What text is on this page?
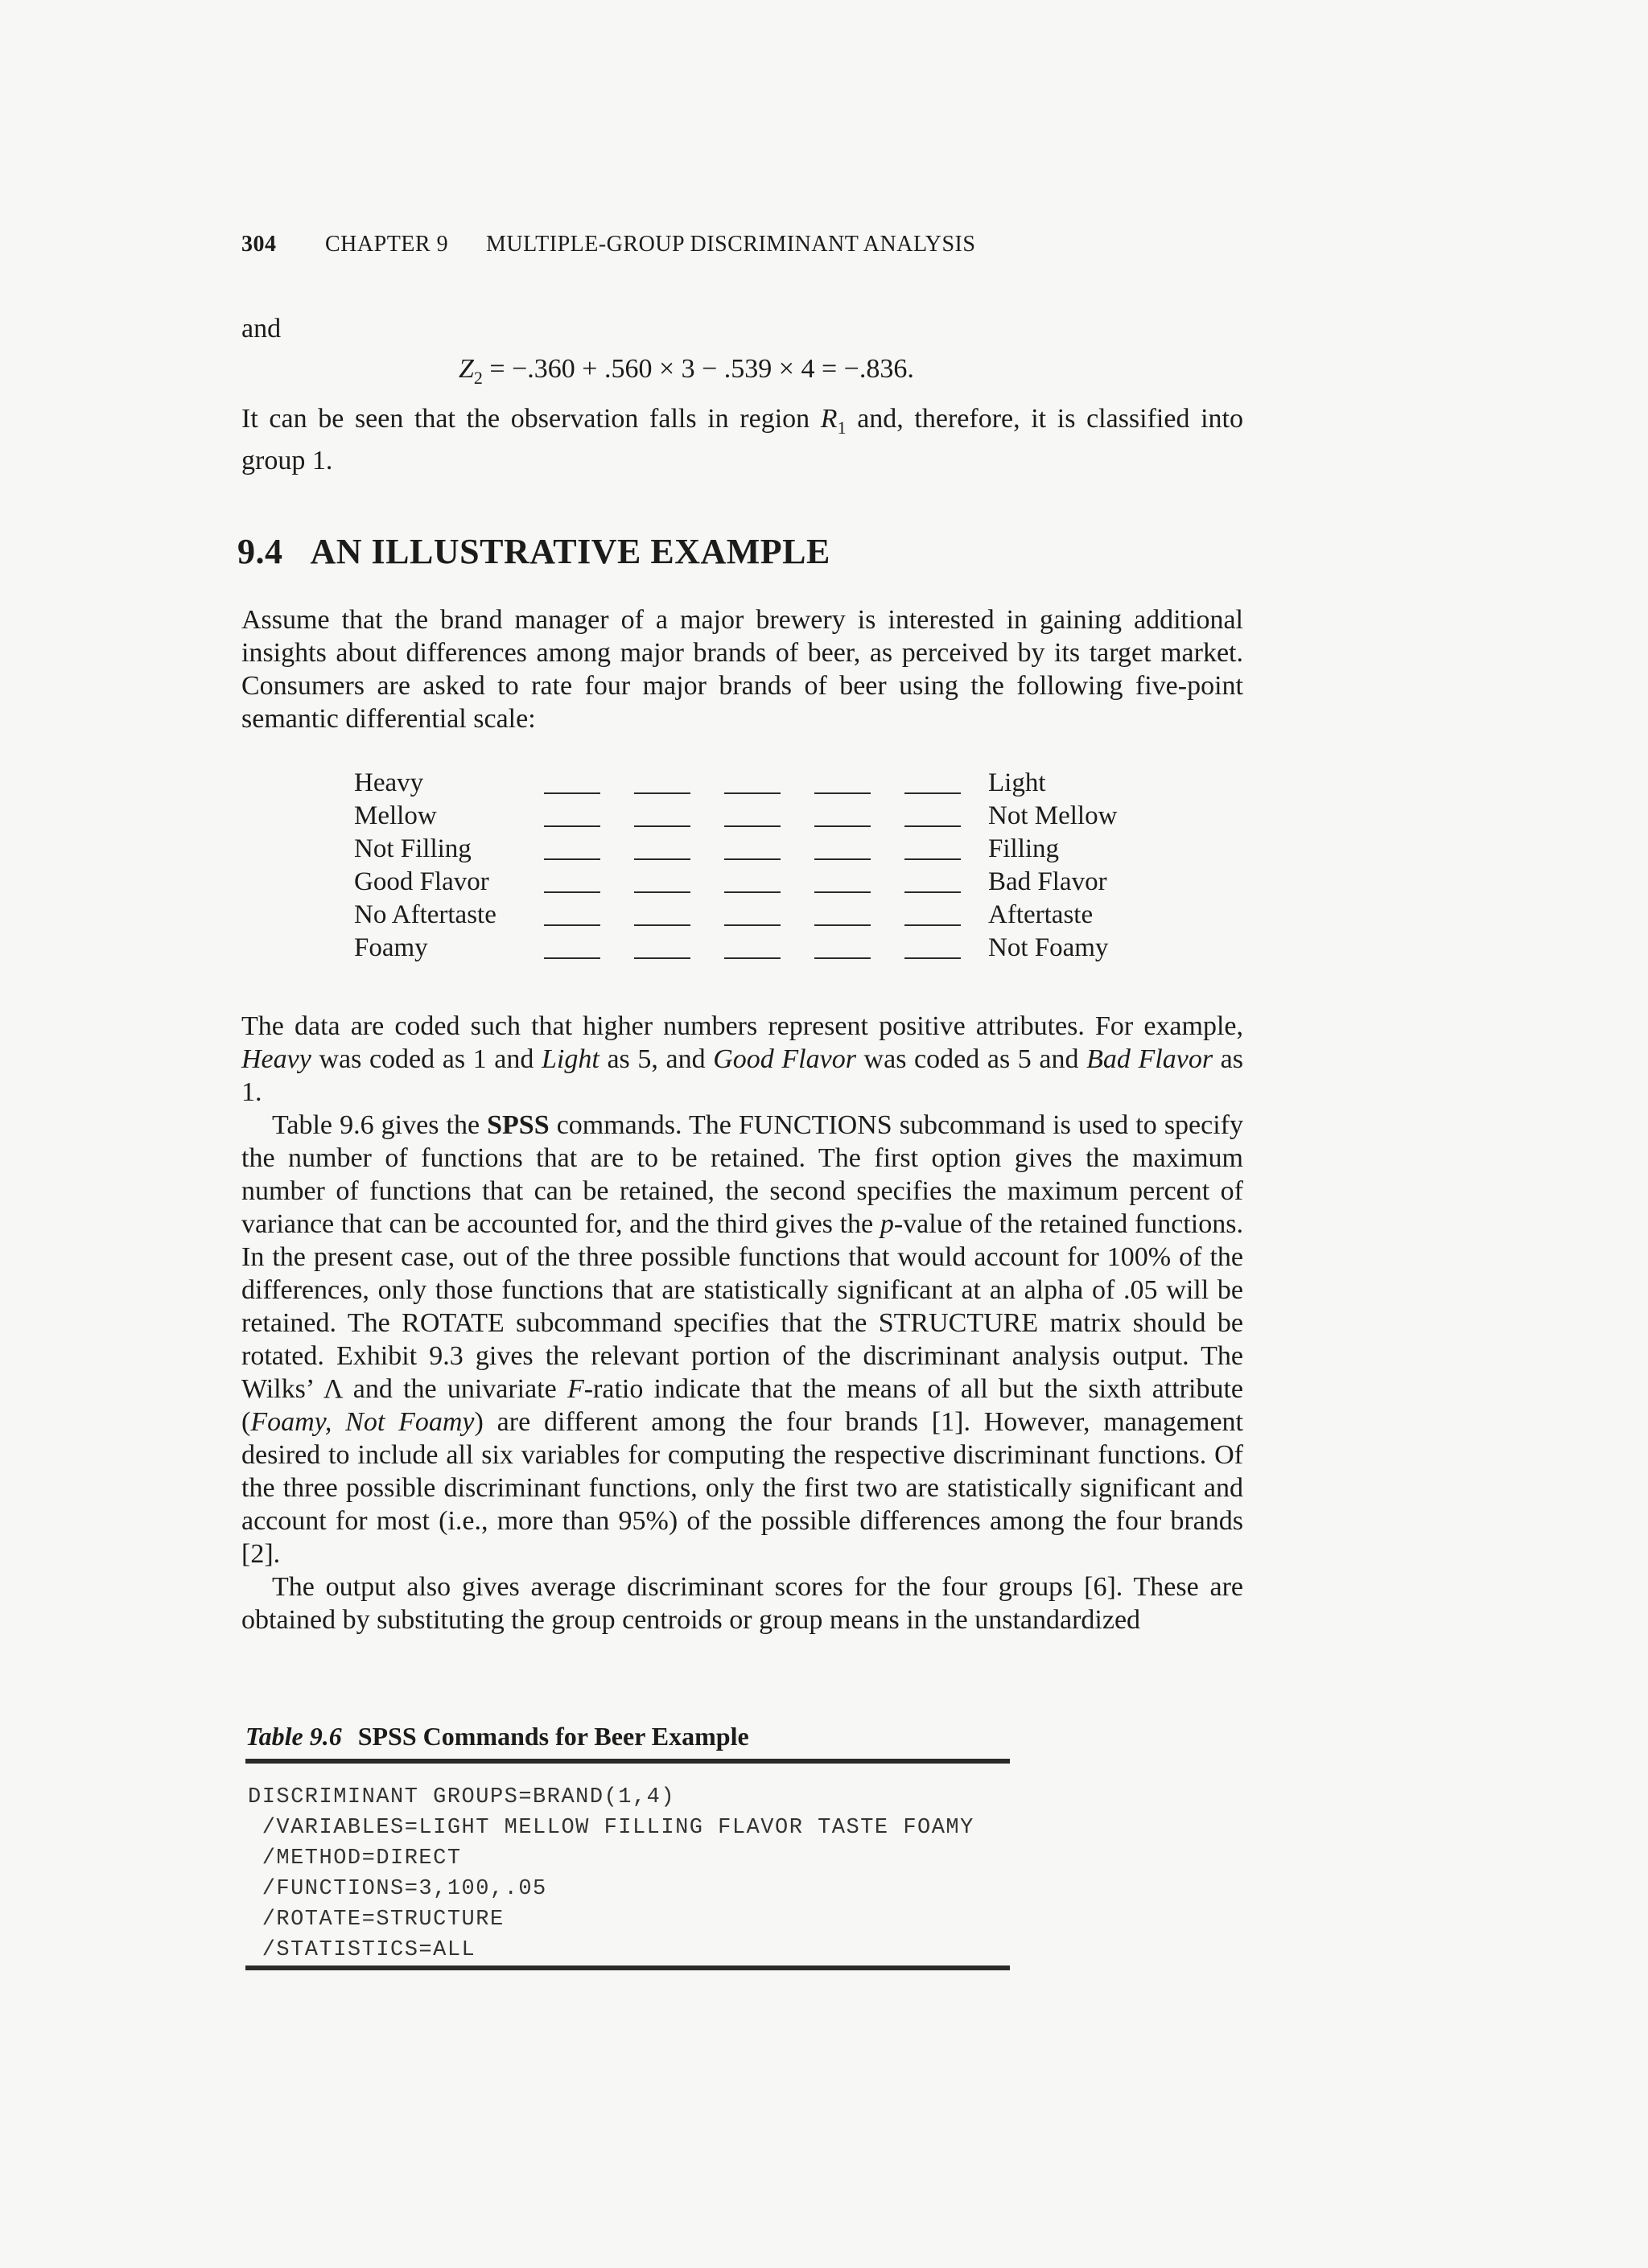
304	CHAPTER 9	MULTIPLE-GROUP DISCRIMINANT ANALYSIS
and
$Z_2 = -.360 + .560 \times 3 - .539 \times 4 = -.836$.
It can be seen that the observation falls in region $R_1$ and, therefore, it is classified into group 1.
9.4 AN ILLUSTRATIVE EXAMPLE
Assume that the brand manager of a major brewery is interested in gaining additional insights about differences among major brands of beer, as perceived by its target market. Consumers are asked to rate four major brands of beer using the following five-point semantic differential scale:
Heavy	Light
Mellow	Not Mellow
Not Filling	Filling
Good Flavor	Bad Flavor
No Aftertaste	Aftertaste
Foamy	Not Foamy
The data are coded such that higher numbers represent positive attributes. For example, Heavy was coded as 1 and Light as 5, and Good Flavor was coded as 5 and Bad Flavor as 1.
Table 9.6 gives the SPSS commands. The FUNCTIONS subcommand is used to specify the number of functions that are to be retained. The first option gives the maximum number of functions that can be retained, the second specifies the maximum percent of variance that can be accounted for, and the third gives the p-value of the retained functions. In the present case, out of the three possible functions that would account for 100% of the differences, only those functions that are statistically significant at an alpha of .05 will be retained. The ROTATE subcommand specifies that the STRUCTURE matrix should be rotated. Exhibit 9.3 gives the relevant portion of the discriminant analysis output. The Wilks’ Λ and the univariate F-ratio indicate that the means of all but the sixth attribute (Foamy, Not Foamy) are different among the four brands [1]. However, management desired to include all six variables for computing the respective discriminant functions. Of the three possible discriminant functions, only the first two are statistically significant and account for most (i.e., more than 95%) of the possible differences among the four brands [2].
The output also gives average discriminant scores for the four groups [6]. These are obtained by substituting the group centroids or group means in the unstandardized
Table 9.6 SPSS Commands for Beer Example
DISCRIMINANT GROUPS=BRAND(1,4)
/VARIABLES=LIGHT MELLOW FILLING FLAVOR TASTE FOAMY
/METHOD=DIRECT
/FUNCTIONS=3,100,.05
/ROTATE=STRUCTURE
/STATISTICS=ALL
